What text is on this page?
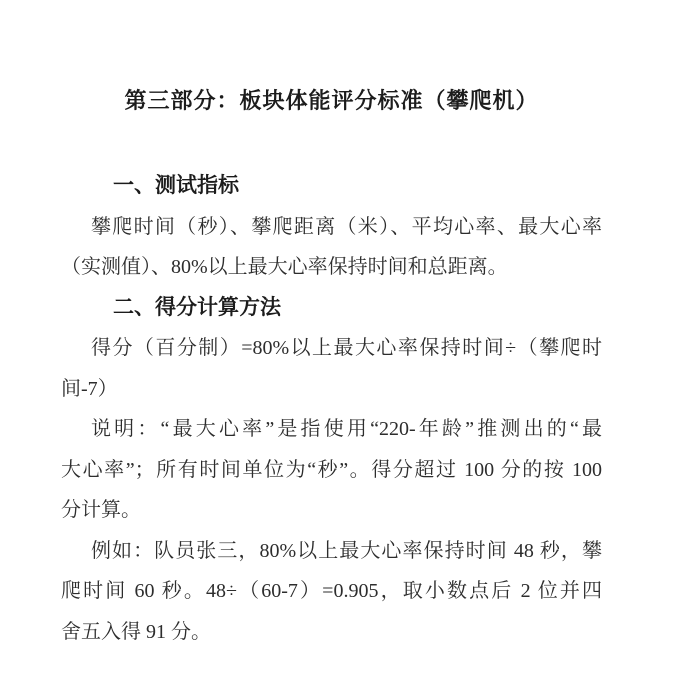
第三部分：板块体能评分标准（攀爬机）
一、测试指标
攀爬时间（秒）、攀爬距离（米）、平均心率、最大心率
（实测值）、80%以上最大心率保持时间和总距离。
二、得分计算方法
得分（百分制）=80%以上最大心率保持时间÷（攀爬时
间-7）
说明：“最大心率”是指使用“220-年龄”推测出的“最
大心率”；所有时间单位为“秒”。得分超过 100 分的按 100
分计算。
例如：队员张三，80%以上最大心率保持时间 48 秒，攀
爬时间 60 秒。48÷（60-7）=0.905，取小数点后 2 位并四
舍五入得 91 分。
